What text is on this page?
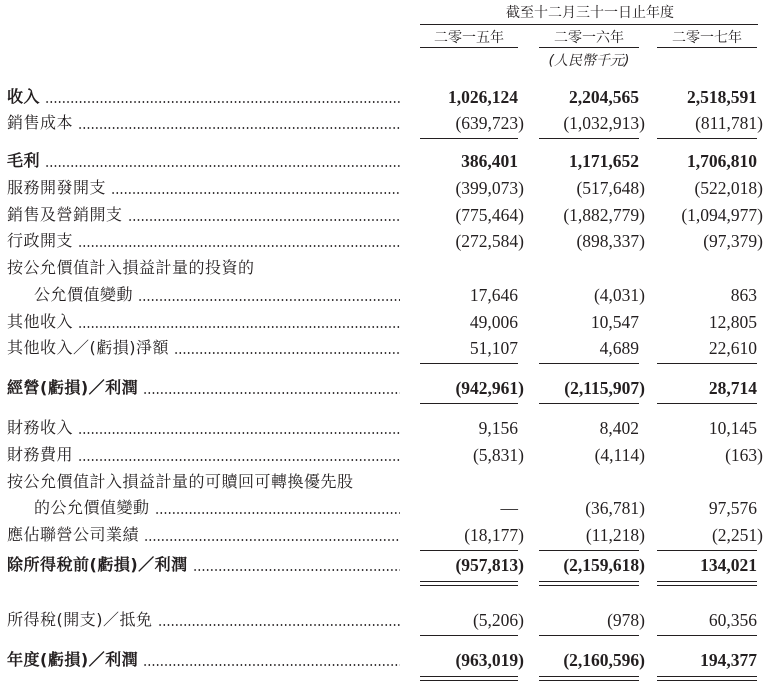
截至十二月三十一日止年度
二零一五年	二零一六年	二零一七年
(人民幣千元)
收入	1,026,124	2,204,565	2,518,591
銷售成本	(639,723) (1,032,913)	(811,781)
毛利	386,401	1,171,652	1,706,810
服務開發開支	(399,073)	(517,648)	(522,018)
銷售及營銷開支	(775,464) (1,882,779) (1,094,977)
行政開支	(272,584)	(898,337)	(97,379)
按公允價值計入損益計量的投資的
公允價值變動	17,646	(4,031)	863
其他收入	49,006	10,547	12,805
其他收入／(虧損)淨額	51,107	4,689	22,610
經營(虧損)／利潤	(942,961) (2,115,907)	28,714
財務收入	9,156	8,402	10,145
財務費用	(5,831)	(4,114)	(163)
按公允價值計入損益計量的可贖回可轉換優先股
的公允價值變動	—	(36,781)	97,576
應佔聯營公司業績	(18,177)	(11,218)	(2,251)
除所得稅前(虧損)／利潤	(957,813) (2,159,618)	134,021
所得稅(開支)／抵免	(5,206)	(978)	60,356
年度(虧損)／利潤	(963,019) (2,160,596)	194,377
